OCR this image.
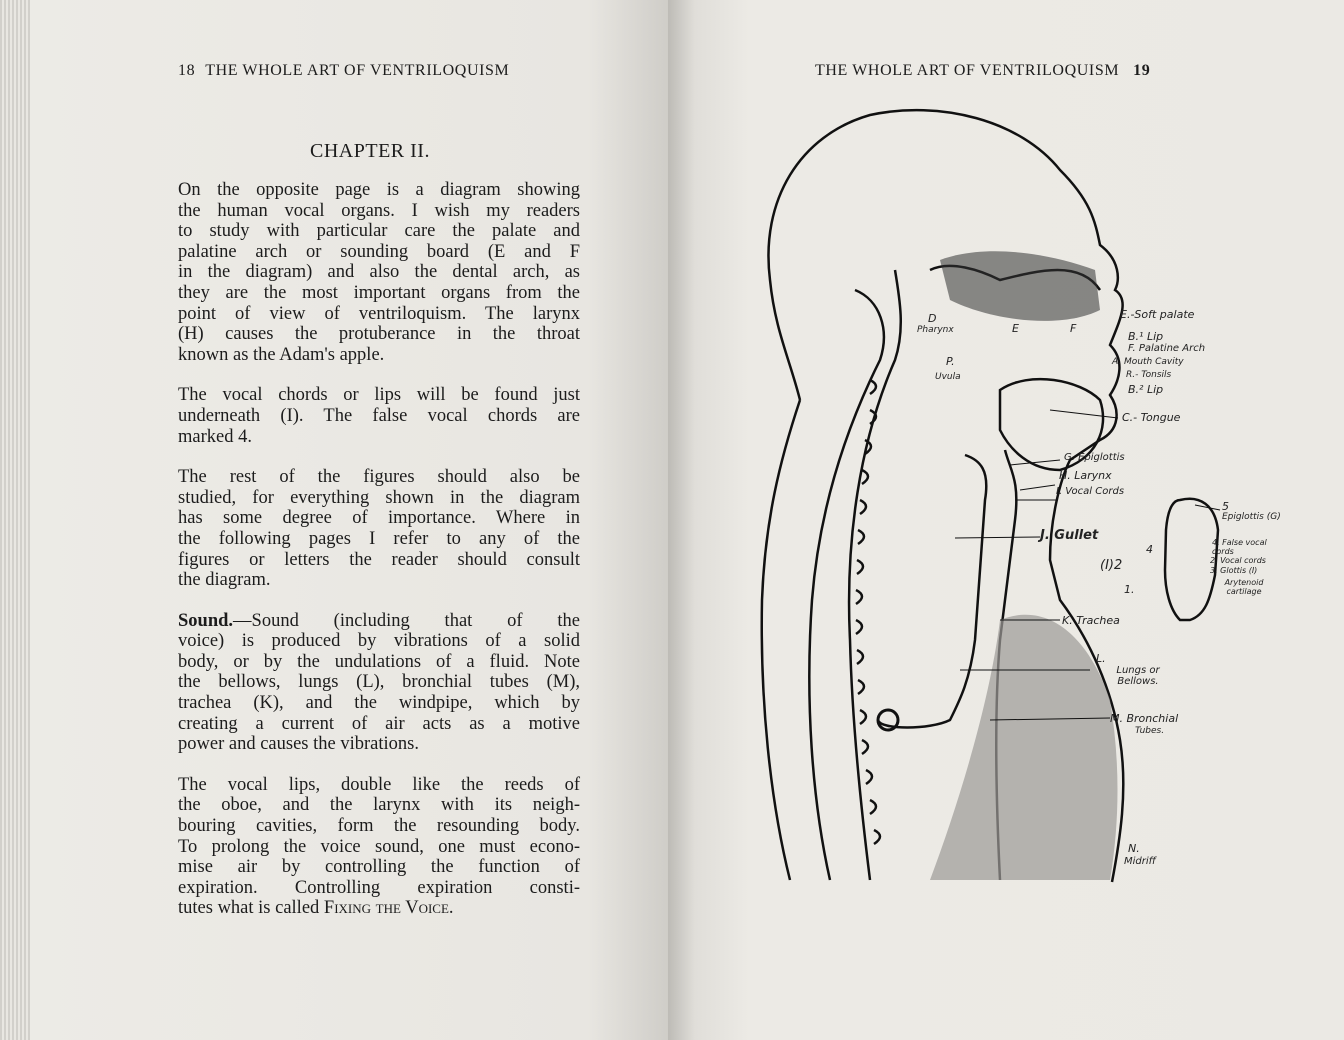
18 THE WHOLE ART OF VENTRILOQUISM
CHAPTER II.
On the opposite page is a diagram showing
the human vocal organs. I wish my readers
to study with particular care the palate and
palatine arch or sounding board (E and F
in the diagram) and also the dental arch, as
they are the most important organs from the
point of view of ventriloquism. The larynx
(H) causes the protuberance in the throat
known as the Adam's apple.
The vocal chords or lips will be found just
underneath (I). The false vocal chords are
marked 4.
The rest of the figures should also be
studied, for everything shown in the diagram
has some degree of importance. Where in
the following pages I refer to any of the
figures or letters the reader should consult
the diagram.
Sound.—Sound (including that of the
voice) is produced by vibrations of a solid
body, or by the undulations of a fluid. Note
the bellows, lungs (L), bronchial tubes (M),
trachea (K), and the windpipe, which by
creating a current of air acts as a motive
power and causes the vibrations.
The vocal lips, double like the reeds of
the oboe, and the larynx with its neigh-
bouring cavities, form the resounding body.
To prolong the voice sound, one must econo-
mise air by controlling the function of
expiration. Controlling expiration consti-
tutes what is called Fixing the Voice.
THE WHOLE ART OF VENTRILOQUISM 19
D
Pharynx
P.
Uvula
E	F
E.-Soft palate
B.¹ Lip
F. Palatine Arch
A. Mouth Cavity
R.- Tonsils
B.² Lip
C.- Tongue
G. Epiglottis
H. Larynx
I. Vocal Cords
J. Gullet
K. Trachea
L.
Lungs or Bellows.
M. Bronchial
Tubes.
N.
Midriff
5
Epiglottis (G)
4. False vocal cords
2. Vocal cords
3. Glottis (I)
Arytenoid cartilage
4
(I)2
1.
